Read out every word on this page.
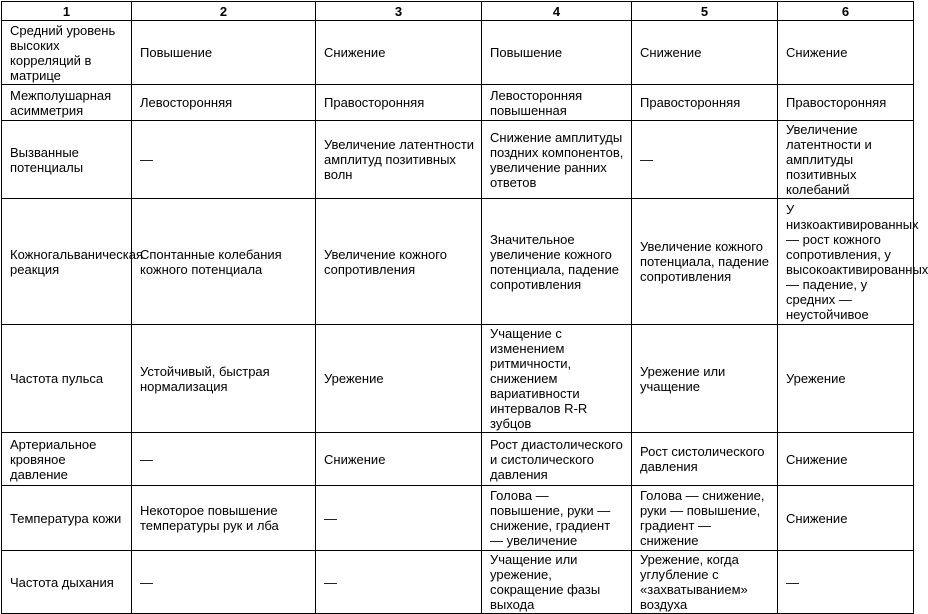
1	2	3	4	5	6
Средний уровень высоких корреляций в матрице	Повышение	Снижение	Повышение	Снижение	Снижение
Межполушарная асимметрия	Левосторонняя	Правосторонняя	Левосторонняя повышенная	Правосторонняя	Правосторонняя
Вызванные потенциалы	—	Увеличение латентности амплитуд позитивных волн	Снижение амплитуды поздних компонентов, увеличение ранних ответов	—	Увеличение латентности и амплитуды позитивных колебаний
Кожногальваническая реакция	Спонтанные колебания кожного потенциала	Увеличение кожного сопротивления	Значительное увеличение кожного потенциала, падение сопротивления	Увеличение кожного потенциала, падение сопротивления	У низкоактивированных — рост кожного сопротивления, у высокоактивированных — падение, у средних — неустойчивое
Частота пульса	Устойчивый, быстрая нормализация	Урежение	Учащение с изменением ритмичности, снижением вариативности интервалов R-R зубцов	Урежение или учащение	Урежение
Артериальное кровяное давление	—	Снижение	Рост диастолического и систолического давления	Рост систолического давления	Снижение
Температура кожи	Некоторое повышение температуры рук и лба	—	Голова — повышение, руки — снижение, градиент — увеличение	Голова — снижение, руки — повышение, градиент — снижение	Снижение
Частота дыхания	—	—	Учащение или урежение, сокращение фазы выхода	Урежение, когда углубление с «захватыванием» воздуха	—
